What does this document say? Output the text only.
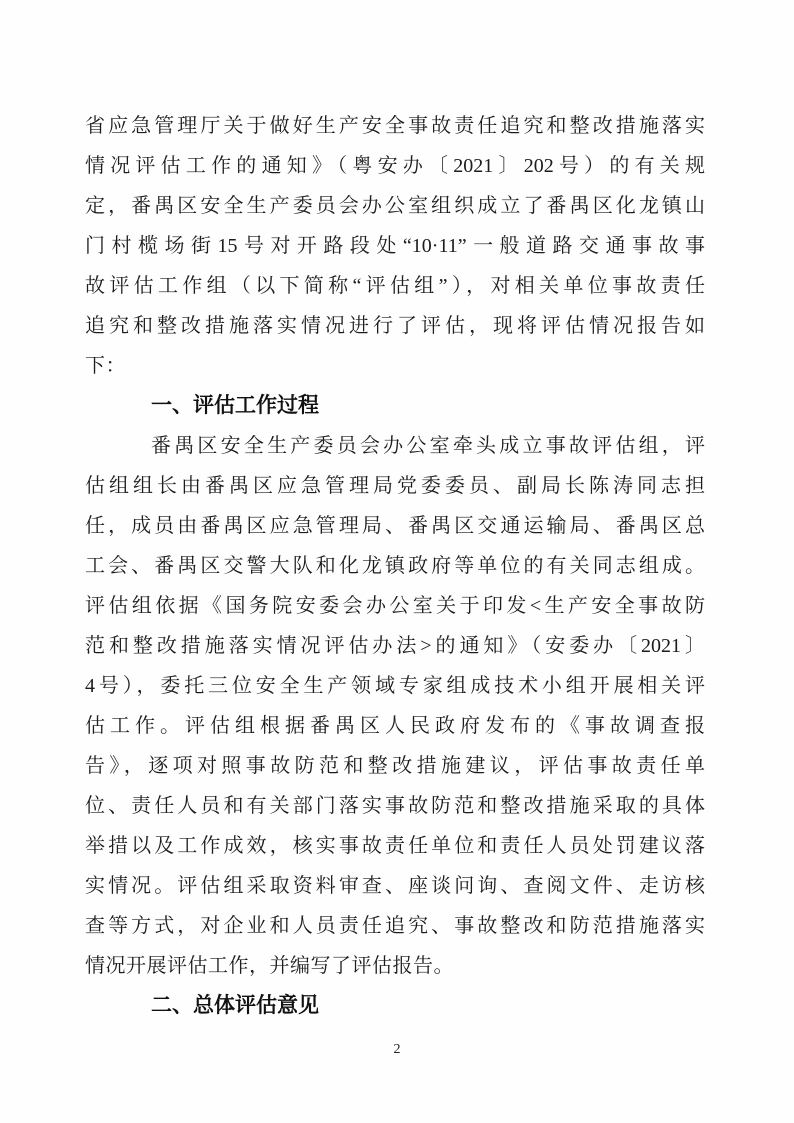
省应急管理厅关于做好生产安全事故责任追究和整改措施落实
情况评估工作的通知》（粤安办〔2021〕202号）的有关规
定，番禺区安全生产委员会办公室组织成立了番禺区化龙镇山
门村榄场街15号对开路段处“10·11”一般道路交通事故事
故评估工作组（以下简称“评估组”），对相关单位事故责任
追究和整改措施落实情况进行了评估，现将评估情况报告如
下：
一、评估工作过程
番禺区安全生产委员会办公室牵头成立事故评估组，评
估组组长由番禺区应急管理局党委委员、副局长陈涛同志担
任，成员由番禺区应急管理局、番禺区交通运输局、番禺区总
工会、番禺区交警大队和化龙镇政府等单位的有关同志组成。
评估组依据《国务院安委会办公室关于印发<生产安全事故防
范和整改措施落实情况评估办法>的通知》（安委办〔2021〕
4号），委托三位安全生产领域专家组成技术小组开展相关评
估工作。评估组根据番禺区人民政府发布的《事故调查报
告》，逐项对照事故防范和整改措施建议，评估事故责任单
位、责任人员和有关部门落实事故防范和整改措施采取的具体
举措以及工作成效，核实事故责任单位和责任人员处罚建议落
实情况。评估组采取资料审查、座谈问询、查阅文件、走访核
查等方式，对企业和人员责任追究、事故整改和防范措施落实
情况开展评估工作，并编写了评估报告。
二、总体评估意见
2
